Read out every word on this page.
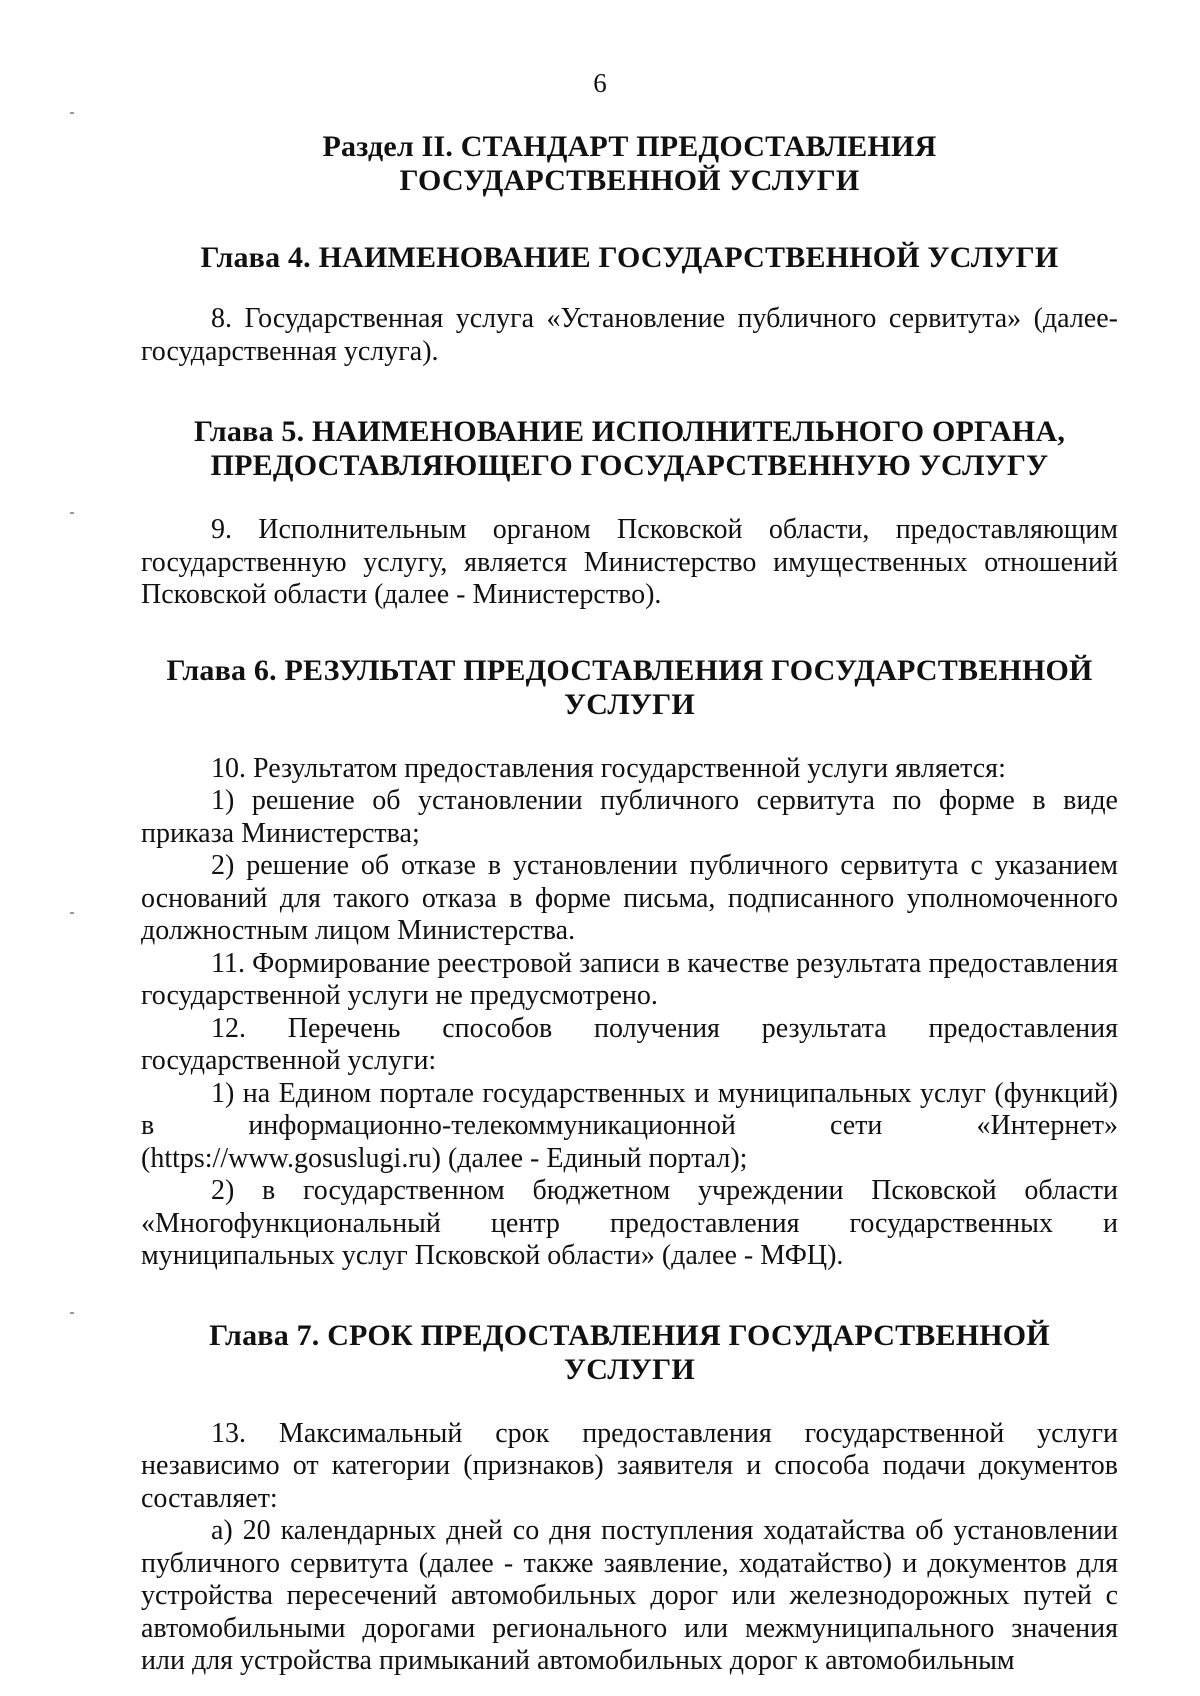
6
Раздел II. СТАНДАРТ ПРЕДОСТАВЛЕНИЯ ГОСУДАРСТВЕННОЙ УСЛУГИ
Глава 4. НАИМЕНОВАНИЕ ГОСУДАРСТВЕННОЙ УСЛУГИ

8. Государственная услуга «Установление публичного сервитута» (далее-государственная услуга).

Глава 5. НАИМЕНОВАНИЕ ИСПОЛНИТЕЛЬНОГО ОРГАНА, ПРЕДОСТАВЛЯЮЩЕГО ГОСУДАРСТВЕННУЮ УСЛУГУ

9. Исполнительным органом Псковской области, предоставляющим государственную услугу, является Министерство имущественных отношений Псковской области (далее - Министерство).

Глава 6. РЕЗУЛЬТАТ ПРЕДОСТАВЛЕНИЯ ГОСУДАРСТВЕННОЙ УСЛУГИ

10. Результатом предоставления государственной услуги является:

1) решение об установлении публичного сервитута по форме в виде приказа Министерства;

2) решение об отказе в установлении публичного сервитута с указанием оснований для такого отказа в форме письма, подписанного уполномоченного должностным лицом Министерства.

11. Формирование реестровой записи в качестве результата предоставления государственной услуги не предусмотрено.

12. Перечень способов получения результата предоставления государственной услуги:

1) на Едином портале государственных и муниципальных услуг (функций) в информационно-телекоммуникационной сети «Интернет» (https://www.gosuslugi.ru) (далее - Единый портал);

2) в государственном бюджетном учреждении Псковской области «Многофункциональный центр предоставления государственных и муниципальных услуг Псковской области» (далее - МФЦ).

Глава 7. СРОК ПРЕДОСТАВЛЕНИЯ ГОСУДАРСТВЕННОЙ УСЛУГИ

13. Максимальный срок предоставления государственной услуги независимо от категории (признаков) заявителя и способа подачи документов составляет:

а) 20 календарных дней со дня поступления ходатайства об установлении публичного сервитута (далее - также заявление, ходатайство) и документов для устройства пересечений автомобильных дорог или железнодорожных путей с автомобильными дорогами регионального или межмуниципального значения или для устройства примыканий автомобильных дорог к автомобильным
